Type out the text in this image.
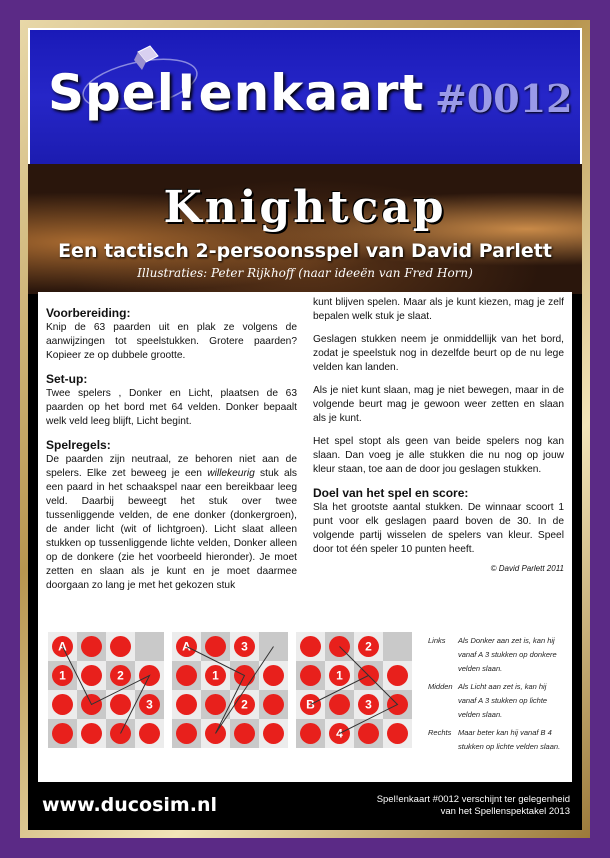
Spel!enkaart #0012
Knightcap
Een tactisch 2-persoonsspel van David Parlett
Illustraties: Peter Rijkhoff (naar ideeën van Fred Horn)
Voorbereiding:

Knip de 63 paarden uit en plak ze volgens de aanwijzingen tot speelstukken. Grotere paarden? Kopieer ze op dubbele grootte.

Set-up:

Twee spelers , Donker en Licht, plaatsen de 63 paarden op het bord met 64 velden. Donker bepaalt welk veld leeg blijft, Licht begint.

Spelregels:

De paarden zijn neutraal, ze behoren niet aan de spelers. Elke zet beweeg je een willekeurig stuk als een paard in het schaakspel naar een bereikbaar leeg veld. Daarbij beweegt het stuk over twee tussenliggende velden, de ene donker (donkergroen), de ander licht (wit of lichtgroen). Licht slaat alleen stukken op tussenliggende lichte velden, Donker alleen op de donkere (zie het voorbeeld hieronder). Je moet zetten en slaan als je kunt en je moet daarmee doorgaan zo lang je met het gekozen stuk

kunt blijven spelen. Maar als je kunt kiezen, mag je zelf bepalen welk stuk je slaat.

Geslagen stukken neem je onmiddellijk van het bord, zodat je speelstuk nog in dezelfde beurt op de nu lege velden kan landen.

Als je niet kunt slaan, mag je niet bewegen, maar in de volgende beurt mag je gewoon weer zetten en slaan als je kunt.

Het spel stopt als geen van beide spelers nog kan slaan. Dan voeg je alle stukken die nu nog op jouw kleur staan, toe aan de door jou geslagen stukken.

Doel van het spel en score:

Sla het grootste aantal stukken. De winnaar scoort 1 punt voor elk geslagen paard boven de 30. In de volgende partij wisselen de spelers van kleur. Speel door tot één speler 10 punten heeft.

© David Parlett 2011
A
1	2
3
A	3
1
2
2
1
B	3
4
Links	Als Donker aan zet is, kan hij vanaf A 3 stukken op donkere velden slaan.
Midden Als Licht aan zet is, kan hij vanaf A 3 stukken op lichte velden slaan.
Rechts Maar beter kan hij vanaf B 4 stukken op lichte velden slaan.
www.ducosim.nl	Spel!enkaart #0012 verschijnt ter gelegenheid
van het Spellenspektakel 2013
